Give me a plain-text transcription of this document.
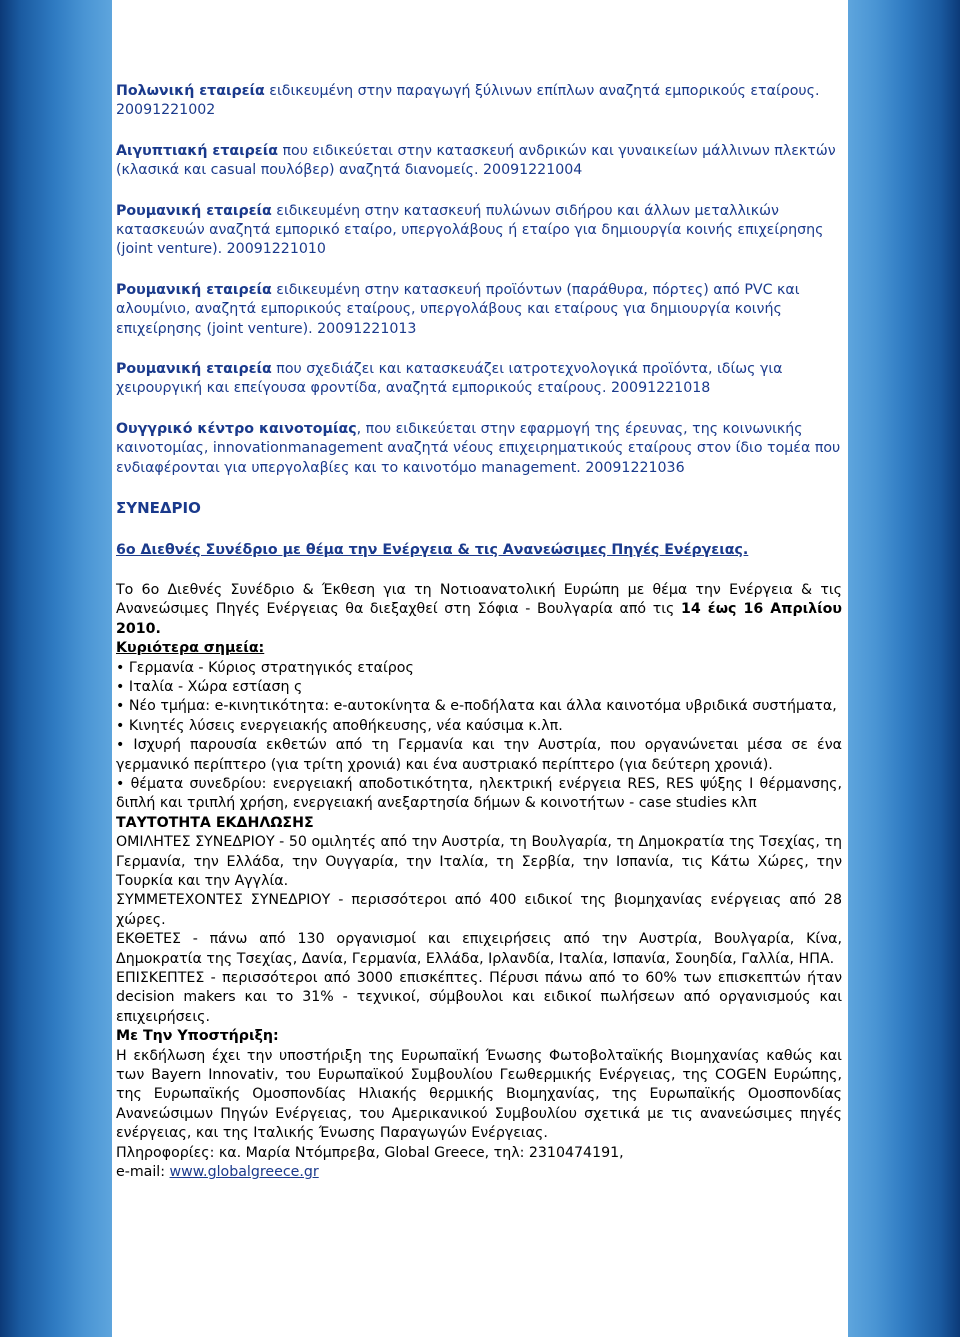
Πολωνική εταιρεία ειδικευμένη στην παραγωγή ξύλινων επίπλων αναζητά εμπορικούς εταίρους. 20091221002

Αιγυπτιακή εταιρεία που ειδικεύεται στην κατασκευή ανδρικών και γυναικείων μάλλινων πλεκτών (κλασικά και casual πουλόβερ) αναζητά διανομείς. 20091221004

Ρουμανική εταιρεία ειδικευμένη στην κατασκευή πυλώνων σιδήρου και άλλων μεταλλικών κατασκευών αναζητά εμπορικό εταίρο, υπεργολάβους ή εταίρο για δημιουργία κοινής επιχείρησης (joint venture). 20091221010

Ρουμανική εταιρεία ειδικευμένη στην κατασκευή προϊόντων (παράθυρα, πόρτες) από PVC και αλουμίνιο, αναζητά εμπορικούς εταίρους, υπεργολάβους και εταίρους για δημιουργία κοινής επιχείρησης (joint venture). 20091221013

Ρουμανική εταιρεία που σχεδιάζει και κατασκευάζει ιατροτεχνολογικά προϊόντα, ιδίως για χειρουργική και επείγουσα φροντίδα, αναζητά εμπορικούς εταίρους. 20091221018

Ουγγρικό κέντρο καινοτομίας, που ειδικεύεται στην εφαρμογή της έρευνας, της κοινωνικής καινοτομίας, innovationmanagement αναζητά νέους επιχειρηματικούς εταίρους στον ίδιο τομέα που ενδιαφέρονται για υπεργολαβίες και το καινοτόμο management. 20091221036

ΣΥΝΕΔΡΙΟ

6ο Διεθνές Συνέδριο με θέμα την Ενέργεια & τις Ανανεώσιμες Πηγές Ενέργειας.

Το 6ο Διεθνές Συνέδριο & Έκθεση για τη Νοτιοανατολική Ευρώπη με θέμα την Ενέργεια & τις Ανανεώσιμες Πηγές Ενέργειας θα διεξαχθεί στη Σόφια - Βουλγαρία από τις 14 έως 16 Απριλίου 2010.

Κυριότερα σημεία:

• Γερμανία - Κύριος στρατηγικός εταίρος

• Ιταλία - Χώρα εστίαση ς

• Νέο τμήμα: e-κινητικότητα: e-αυτοκίνητα & e-ποδήλατα και άλλα καινοτόμα υβριδικά συστήματα,

• Κινητές λύσεις ενεργειακής αποθήκευσης, νέα καύσιμα κ.λπ.

• Ισχυρή παρουσία εκθετών από τη Γερμανία και την Αυστρία, που οργανώνεται μέσα σε ένα γερμανικό περίπτερο (για τρίτη χρονιά) και ένα αυστριακό περίπτερο (για δεύτερη χρονιά).

• θέματα συνεδρίου: ενεργειακή αποδοτικότητα, ηλεκτρική ενέργεια RES, RES ψύξης Ι θέρμανσης, διπλή και τριπλή χρήση, ενεργειακή ανεξαρτησία δήμων & κοινοτήτων - case studies κλπ

ΤΑΥΤΟΤΗΤΑ ΕΚΔΗΛΩΣΗΣ

ΟΜΙΛΗΤΕΣ ΣΥΝΕΔΡΙΟΥ - 50 ομιλητές από την Αυστρία, τη Βουλγαρία, τη Δημοκρατία της Τσεχίας, τη Γερμανία, την Ελλάδα, την Ουγγαρία, την Ιταλία, τη Σερβία, την Ισπανία, τις Κάτω Χώρες, την Τουρκία και την Αγγλία.

ΣΥΜΜΕΤΕΧΟΝΤΕΣ ΣΥΝΕΔΡΙΟΥ - περισσότεροι από 400 ειδικοί της βιομηχανίας ενέργειας από 28 χώρες.

ΕΚΘΕΤΕΣ - πάνω από 130 οργανισμοί και επιχειρήσεις από την Αυστρία, Βουλγαρία, Κίνα, Δημοκρατία της Τσεχίας, Δανία, Γερμανία, Ελλάδα, Ιρλανδία, Ιταλία, Ισπανία, Σουηδία, Γαλλία, ΗΠΑ.

ΕΠΙΣΚΕΠΤΕΣ - περισσότεροι από 3000 επισκέπτες. Πέρυσι πάνω από το 60% των επισκεπτών ήταν decision makers και το 31% - τεχνικοί, σύμβουλοι και ειδικοί πωλήσεων από οργανισμούς και επιχειρήσεις.

Με Την Υποστήριξη:

Η εκδήλωση έχει την υποστήριξη της Ευρωπαϊκή Ένωσης Φωτοβολταϊκής Βιομηχανίας καθώς και των Bayern Innovativ, του Ευρωπαϊκού Συμβουλίου Γεωθερμικής Ενέργειας, της COGEN Ευρώπης, της Ευρωπαϊκής Ομοσπονδίας Ηλιακής θερμικής Βιομηχανίας, της Ευρωπαϊκής Ομοσπονδίας Ανανεώσιμων Πηγών Ενέργειας, του Αμερικανικού Συμβουλίου σχετικά με τις ανανεώσιμες πηγές ενέργειας, και της Ιταλικής Ένωσης Παραγωγών Ενέργειας.

Πληροφορίες: κα. Μαρία Ντόμπρεβα, Global Greece, τηλ: 2310474191,

e-mail: www.globalgreece.gr
